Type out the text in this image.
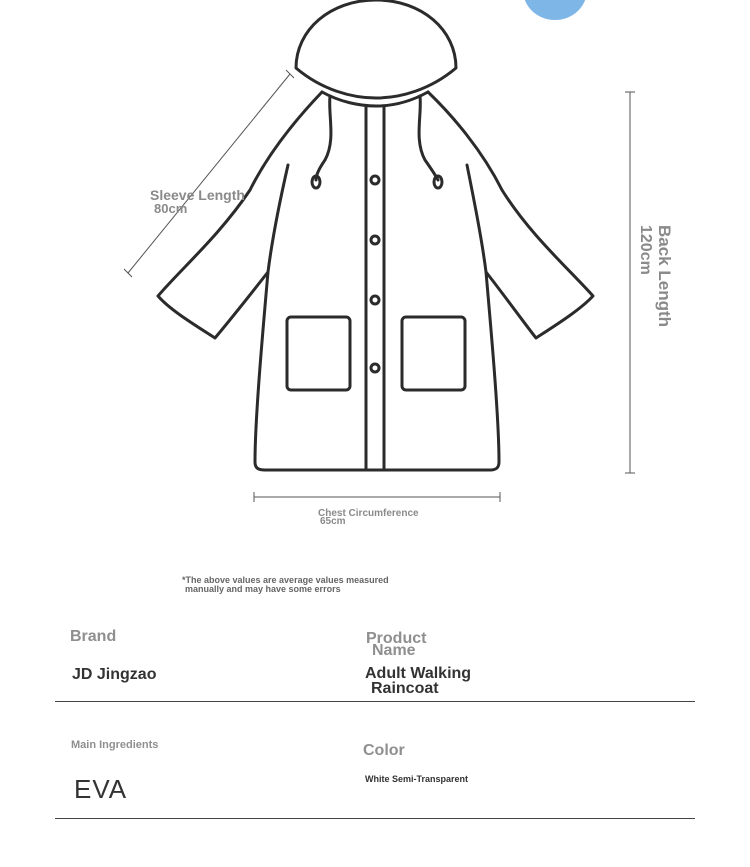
Sleeve Length
80cm
Back Length
120cm
Chest Circumference
65cm
*The above values are average values measured
manually and may have some errors
Brand
JD Jingzao
Product
Name
Adult Walking
Raincoat
Main Ingredients
EVA
Color
White Semi-Transparent
